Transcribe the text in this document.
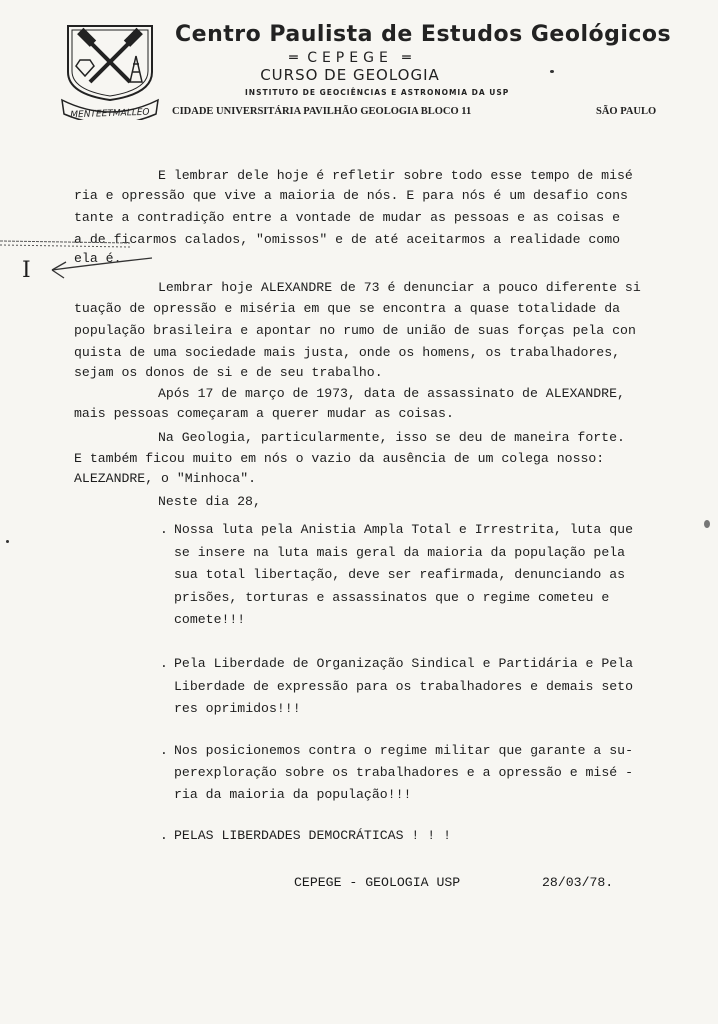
MENTEETMALLEO
Centro Paulista de Estudos Geológicos
═ CEPEGE ═
CURSO DE GEOLOGIA
INSTITUTO DE GEOCIÊNCIAS E ASTRONOMIA DA USP
CIDADE UNIVERSITÁRIA PAVILHÃO GEOLOGIA BLOCO 11	SÃO PAULO
E lembrar dele hoje é refletir sobre todo esse tempo de misé
ria e opressão que vive a maioria de nós. E para nós é um desafio cons
tante a contradição entre a vontade de mudar as pessoas e as coisas e
a de ficarmos calados, "omissos" e de até aceitarmos a realidade como
ela é.
I
Lembrar hoje ALEXANDRE de 73 é denunciar a pouco diferente si
tuação de opressão e miséria em que se encontra a quase totalidade da
população brasileira e apontar no rumo de união de suas forças pela con
quista de uma sociedade mais justa, onde os homens, os trabalhadores,
sejam os donos de si e de seu trabalho.
Após 17 de março de 1973, data de assassinato de ALEXANDRE,
mais pessoas começaram a querer mudar as coisas.
Na Geologia, particularmente, isso se deu de maneira forte.
E também ficou muito em nós o vazio da ausência de um colega nosso:
ALEZANDRE, o "Minhoca".
Neste dia 28,
. Nossa luta pela Anistia Ampla Total e Irrestrita, luta que
se insere na luta mais geral da maioria da população pela
sua total libertação, deve ser reafirmada, denunciando as
prisões, torturas e assassinatos que o regime cometeu e
comete!!!
. Pela Liberdade de Organização Sindical e Partidária e Pela
Liberdade de expressão para os trabalhadores e demais seto
res oprimidos!!!
. Nos posicionemos contra o regime militar que garante a su-
perexploração sobre os trabalhadores e a opressão e misé -
ria da maioria da população!!!
. PELAS LIBERDADES DEMOCRÁTICAS ! ! !
CEPEGE - GEOLOGIA USP	28/03/78.
